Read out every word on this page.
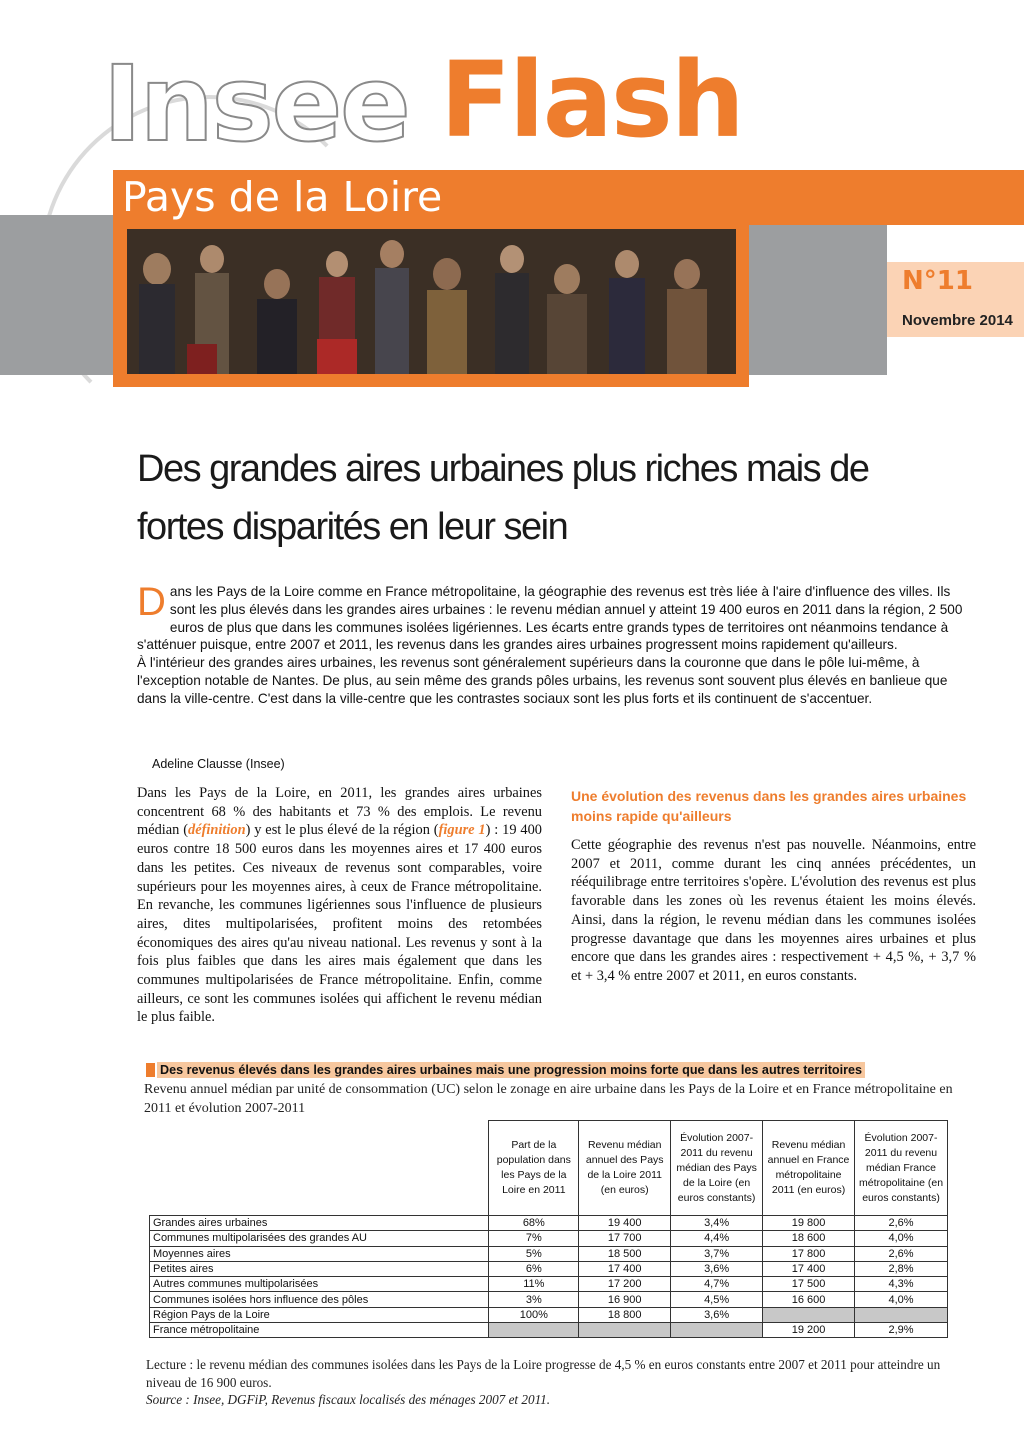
Insee Flash
Pays de la Loire
N°11
Novembre 2014
Des grandes aires urbaines plus riches mais de
fortes disparités en leur sein

Dans les Pays de la Loire comme en France métropolitaine, la géographie des revenus est très liée à l'aire d'influence des villes. Ils sont les plus élevés dans les grandes aires urbaines : le revenu médian annuel y atteint 19 400 euros en 2011 dans la région, 2 500 euros de plus que dans les communes isolées ligériennes. Les écarts entre grands types de territoires ont néanmoins tendance à s'atténuer puisque, entre 2007 et 2011, les revenus dans les grandes aires urbaines progressent moins rapidement qu'ailleurs.

À l'intérieur des grandes aires urbaines, les revenus sont généralement supérieurs dans la couronne que dans le pôle lui-même, à l'exception notable de Nantes. De plus, au sein même des grands pôles urbains, les revenus sont souvent plus élevés en banlieue que dans la ville-centre. C'est dans la ville-centre que les contrastes sociaux sont les plus forts et ils continuent de s'accentuer.

Adeline Clausse (Insee)
Dans les Pays de la Loire, en 2011, les grandes aires urbaines concentrent 68 % des habitants et 73 % des emplois. Le revenu médian (définition) y est le plus élevé de la région (figure 1) : 19 400 euros contre 18 500 euros dans les moyennes aires et 17 400 euros dans les petites. Ces niveaux de revenus sont comparables, voire supérieurs pour les moyennes aires, à ceux de France métropolitaine. En revanche, les communes ligériennes sous l'influence de plusieurs aires, dites multipolarisées, profitent moins des retombées économiques des aires qu'au niveau national. Les revenus y sont à la fois plus faibles que dans les aires mais également que dans les communes multipolarisées de France métropolitaine. Enfin, comme ailleurs, ce sont les communes isolées qui affichent le revenu médian le plus faible.
Une évolution des revenus dans les grandes aires urbaines moins rapide qu'ailleurs
Cette géographie des revenus n'est pas nouvelle. Néanmoins, entre 2007 et 2011, comme durant les cinq années précédentes, un rééquilibrage entre territoires s'opère. L'évolution des revenus est plus favorable dans les zones où les revenus étaient les moins élevés. Ainsi, dans la région, le revenu médian dans les communes isolées progresse davantage que dans les moyennes aires urbaines et plus encore que dans les grandes aires : respectivement + 4,5 %, + 3,7 % et + 3,4 % entre 2007 et 2011, en euros constants.
Des revenus élevés dans les grandes aires urbaines mais une progression moins forte que dans les autres territoires
Revenu annuel médian par unité de consommation (UC) selon le zonage en aire urbaine dans les Pays de la Loire et en France métropolitaine en 2011 et évolution 2007-2011
	Part de la population dans les Pays de la Loire en 2011	Revenu médian annuel des Pays de la Loire 2011 (en euros)	Évolution 2007-2011 du revenu médian des Pays de la Loire (en euros constants)	Revenu médian annuel en France métropolitaine 2011 (en euros)	Évolution 2007-2011 du revenu médian France métropolitaine (en euros constants)
Grandes aires urbaines	68%	19 400	3,4%	19 800	2,6%
Communes multipolarisées des grandes AU	7%	17 700	4,4%	18 600	4,0%
Moyennes aires	5%	18 500	3,7%	17 800	2,6%
Petites aires	6%	17 400	3,6%	17 400	2,8%
Autres communes multipolarisées	11%	17 200	4,7%	17 500	4,3%
Communes isolées hors influence des pôles	3%	16 900	4,5%	16 600	4,0%
Région Pays de la Loire	100%	18 800	3,6%		
France métropolitaine				19 200	2,9%
Lecture : le revenu médian des communes isolées dans les Pays de la Loire progresse de 4,5 % en euros constants entre 2007 et 2011 pour atteindre un niveau de 16 900 euros.
Source : Insee, DGFiP, Revenus fiscaux localisés des ménages 2007 et 2011.
